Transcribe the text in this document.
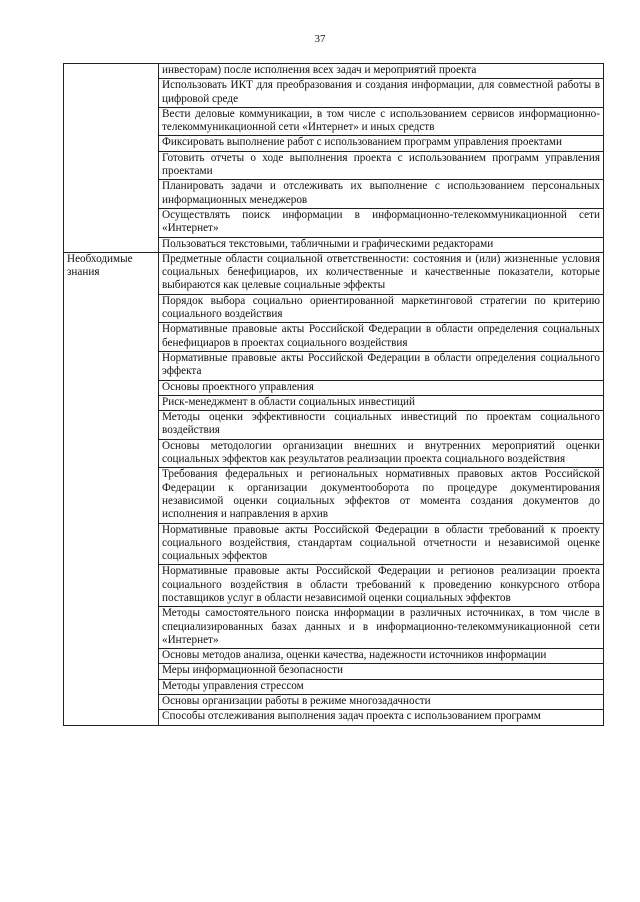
37
	инвесторам) после исполнения всех задач и мероприятий проекта
	Использовать ИКТ для преобразования и создания информации, для совместной работы в цифровой среде
	Вести деловые коммуникации, в том числе с использованием сервисов информационно-телекоммуникационной сети «Интернет» и иных средств
	Фиксировать выполнение работ с использованием программ управления проектами
	Готовить отчеты о ходе выполнения проекта с использованием программ управления проектами
	Планировать задачи и отслеживать их выполнение с использованием персональных информационных менеджеров
	Осуществлять поиск информации в информационно-телекоммуникационной сети «Интернет»
	Пользоваться текстовыми, табличными и графическими редакторами
Необходимые знания	Предметные области социальной ответственности: состояния и (или) жизненные условия социальных бенефициаров, их количественные и качественные показатели, которые выбираются как целевые социальные эффекты
	Порядок выбора социально ориентированной маркетинговой стратегии по критерию социального воздействия
	Нормативные правовые акты Российской Федерации в области определения социальных бенефициаров в проектах социального воздействия
	Нормативные правовые акты Российской Федерации в области определения социального эффекта
	Основы проектного управления
	Риск-менеджмент в области социальных инвестиций
	Методы оценки эффективности социальных инвестиций по проектам социального воздействия
	Основы методологии организации внешних и внутренних мероприятий оценки социальных эффектов как результатов реализации проекта социального воздействия
	Требования федеральных и региональных нормативных правовых актов Российской Федерации к организации документооборота по процедуре документирования независимой оценки социальных эффектов от момента создания документов до исполнения и направления в архив
	Нормативные правовые акты Российской Федерации в области требований к проекту социального воздействия, стандартам социальной отчетности и независимой оценке социальных эффектов
	Нормативные правовые акты Российской Федерации и регионов реализации проекта социального воздействия в области требований к проведению конкурсного отбора поставщиков услуг в области независимой оценки социальных эффектов
	Методы самостоятельного поиска информации в различных источниках, в том числе в специализированных базах данных и в информационно-телекоммуникационной сети «Интернет»
	Основы методов анализа, оценки качества, надежности источников информации
	Меры информационной безопасности
	Методы управления стрессом
	Основы организации работы в режиме многозадачности
	Способы отслеживания выполнения задач проекта с использованием программ
